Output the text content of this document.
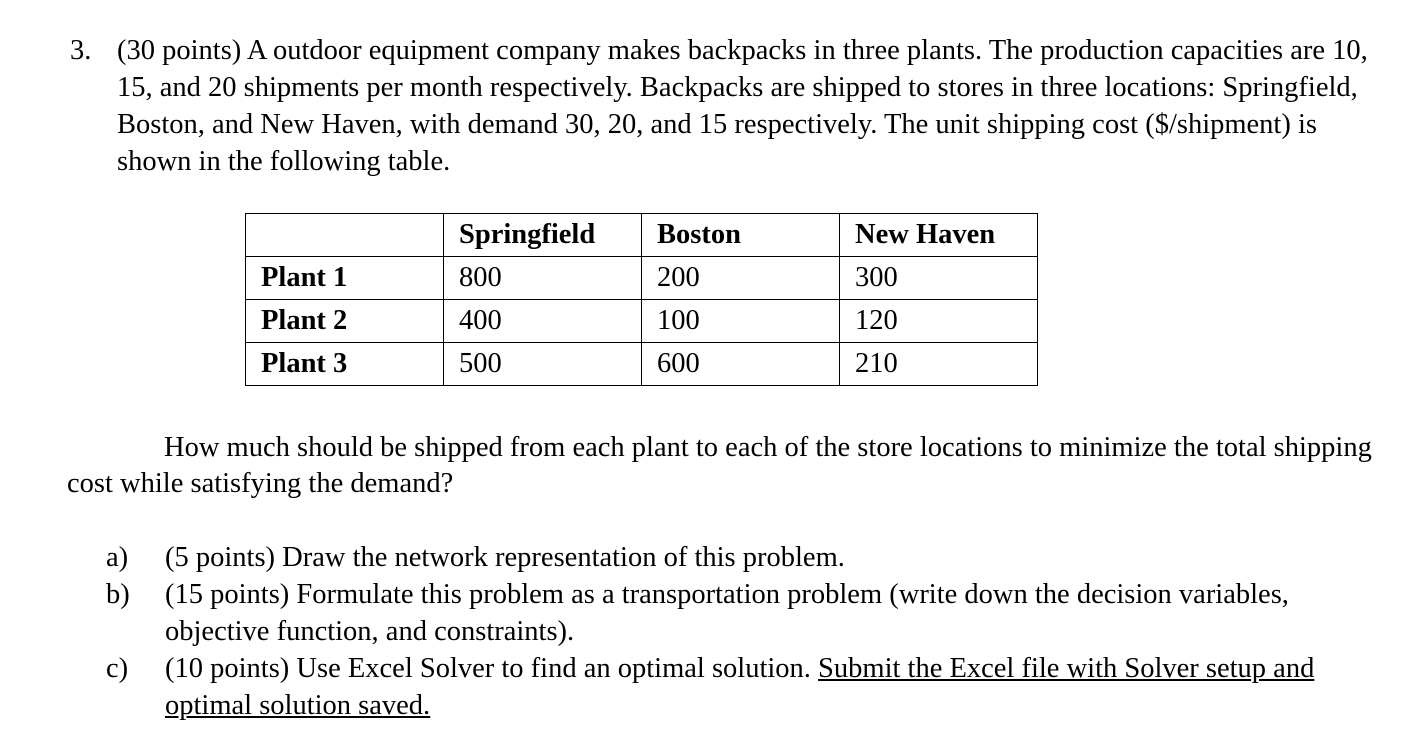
3. (30 points) A outdoor equipment company makes backpacks in three plants. The production capacities are 10, 15, and 20 shipments per month respectively. Backpacks are shipped to stores in three locations: Springfield, Boston, and New Haven, with demand 30, 20, and 15 respectively. The unit shipping cost ($/shipment) is shown in the following table.
	Springfield	Boston	New Haven
Plant 1	800	200	300
Plant 2	400	100	120
Plant 3	500	600	210
How much should be shipped from each plant to each of the store locations to minimize the total shipping cost while satisfying the demand?
a) (5 points) Draw the network representation of this problem.
b) (15 points) Formulate this problem as a transportation problem (write down the decision variables, objective function, and constraints).
c) (10 points) Use Excel Solver to find an optimal solution. Submit the Excel file with Solver setup and optimal solution saved.
